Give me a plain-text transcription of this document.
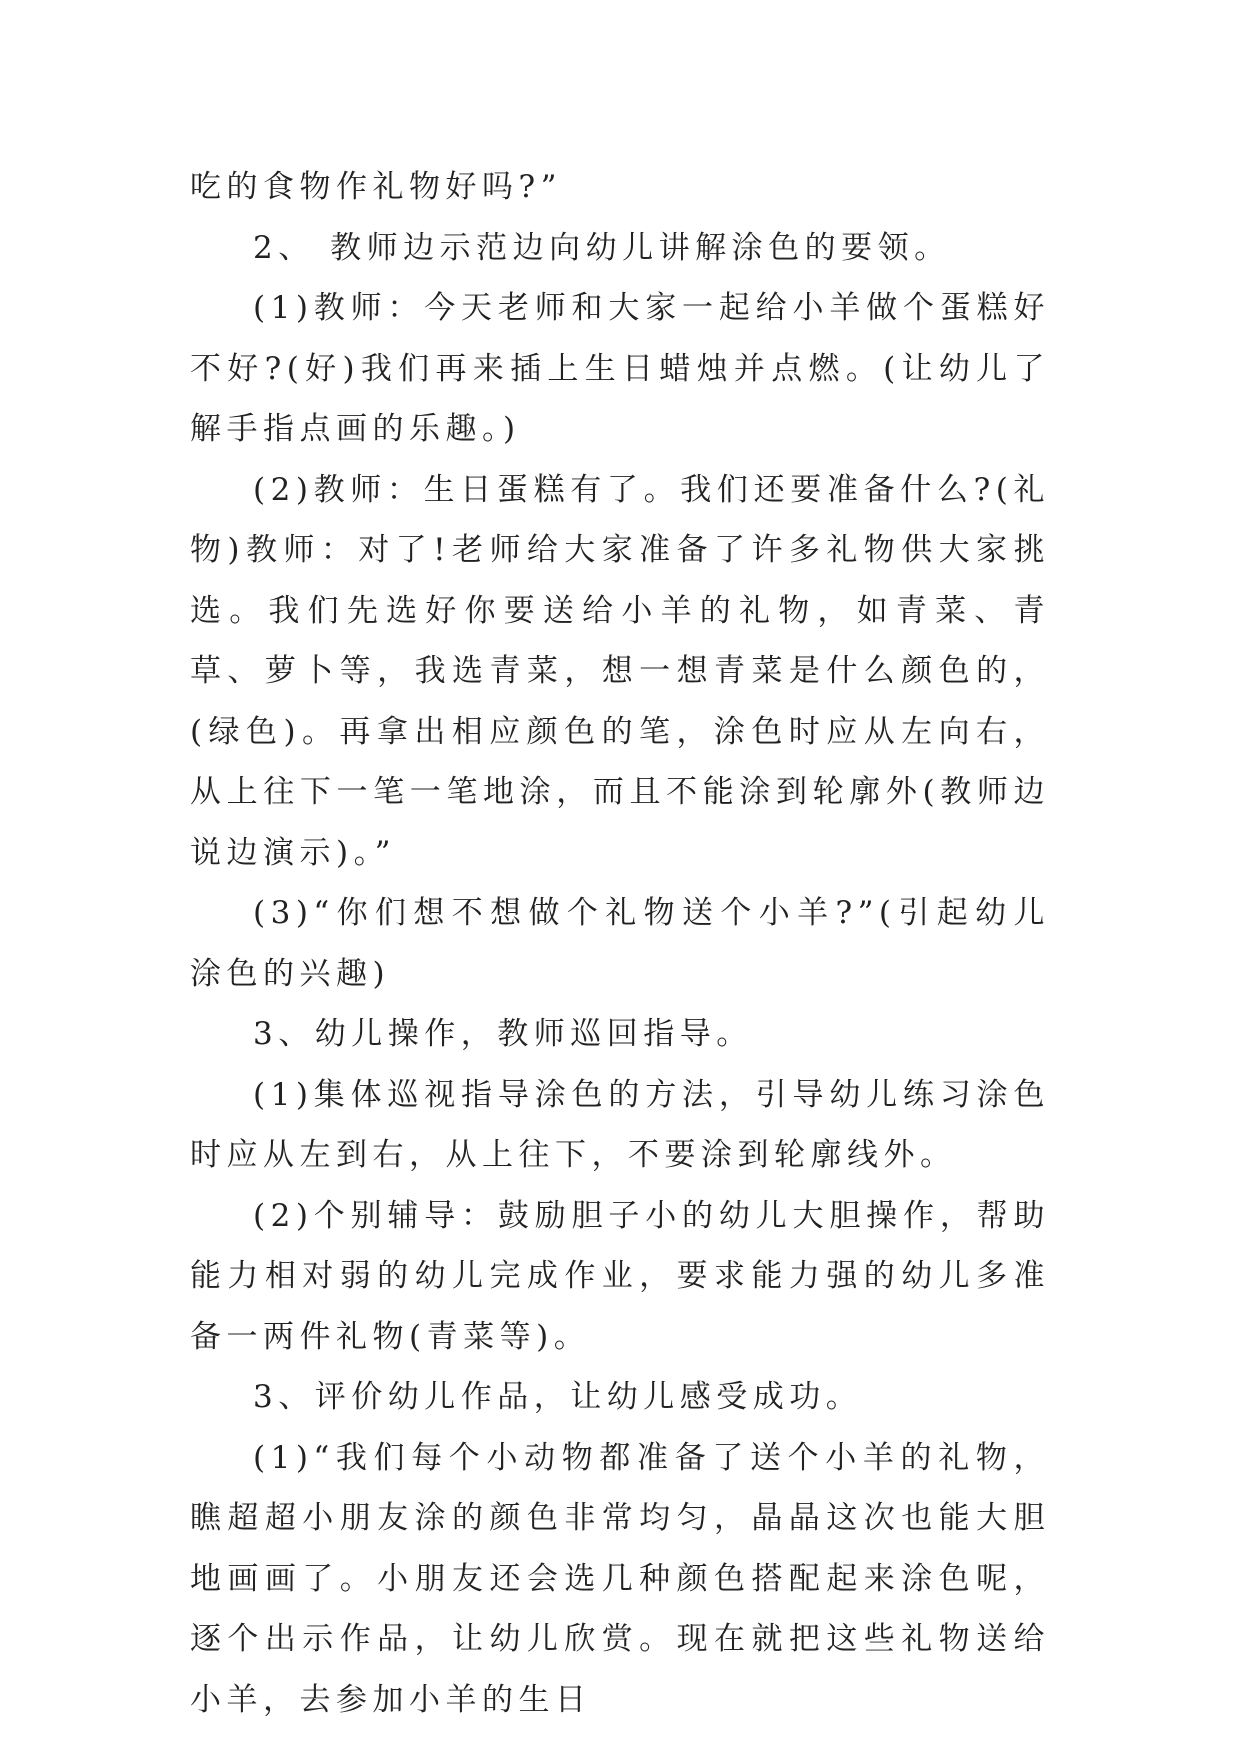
吃的食物作礼物好吗?”

2、 教师边示范边向幼儿讲解涂色的要领。

(1)教师：今天老师和大家一起给小羊做个蛋糕好不好?(好)我们再来插上生日蜡烛并点燃。(让幼儿了解手指点画的乐趣。)

(2)教师：生日蛋糕有了。我们还要准备什么?(礼物)教师：对了!老师给大家准备了许多礼物供大家挑选。我们先选好你要送给小羊的礼物，如青菜、青草、萝卜等，我选青菜，想一想青菜是什么颜色的，(绿色)。再拿出相应颜色的笔，涂色时应从左向右，从上往下一笔一笔地涂，而且不能涂到轮廓外(教师边说边演示)。”

(3)“你们想不想做个礼物送个小羊?”(引起幼儿涂色的兴趣)

3、幼儿操作，教师巡回指导。

(1)集体巡视指导涂色的方法，引导幼儿练习涂色时应从左到右，从上往下，不要涂到轮廓线外。

(2)个别辅导：鼓励胆子小的幼儿大胆操作，帮助能力相对弱的幼儿完成作业，要求能力强的幼儿多准备一两件礼物(青菜等)。

3、评价幼儿作品，让幼儿感受成功。

(1)“我们每个小动物都准备了送个小羊的礼物，瞧超超小朋友涂的颜色非常均匀，晶晶这次也能大胆地画画了。小朋友还会选几种颜色搭配起来涂色呢，逐个出示作品，让幼儿欣赏。现在就把这些礼物送给小羊，去参加小羊的生日
